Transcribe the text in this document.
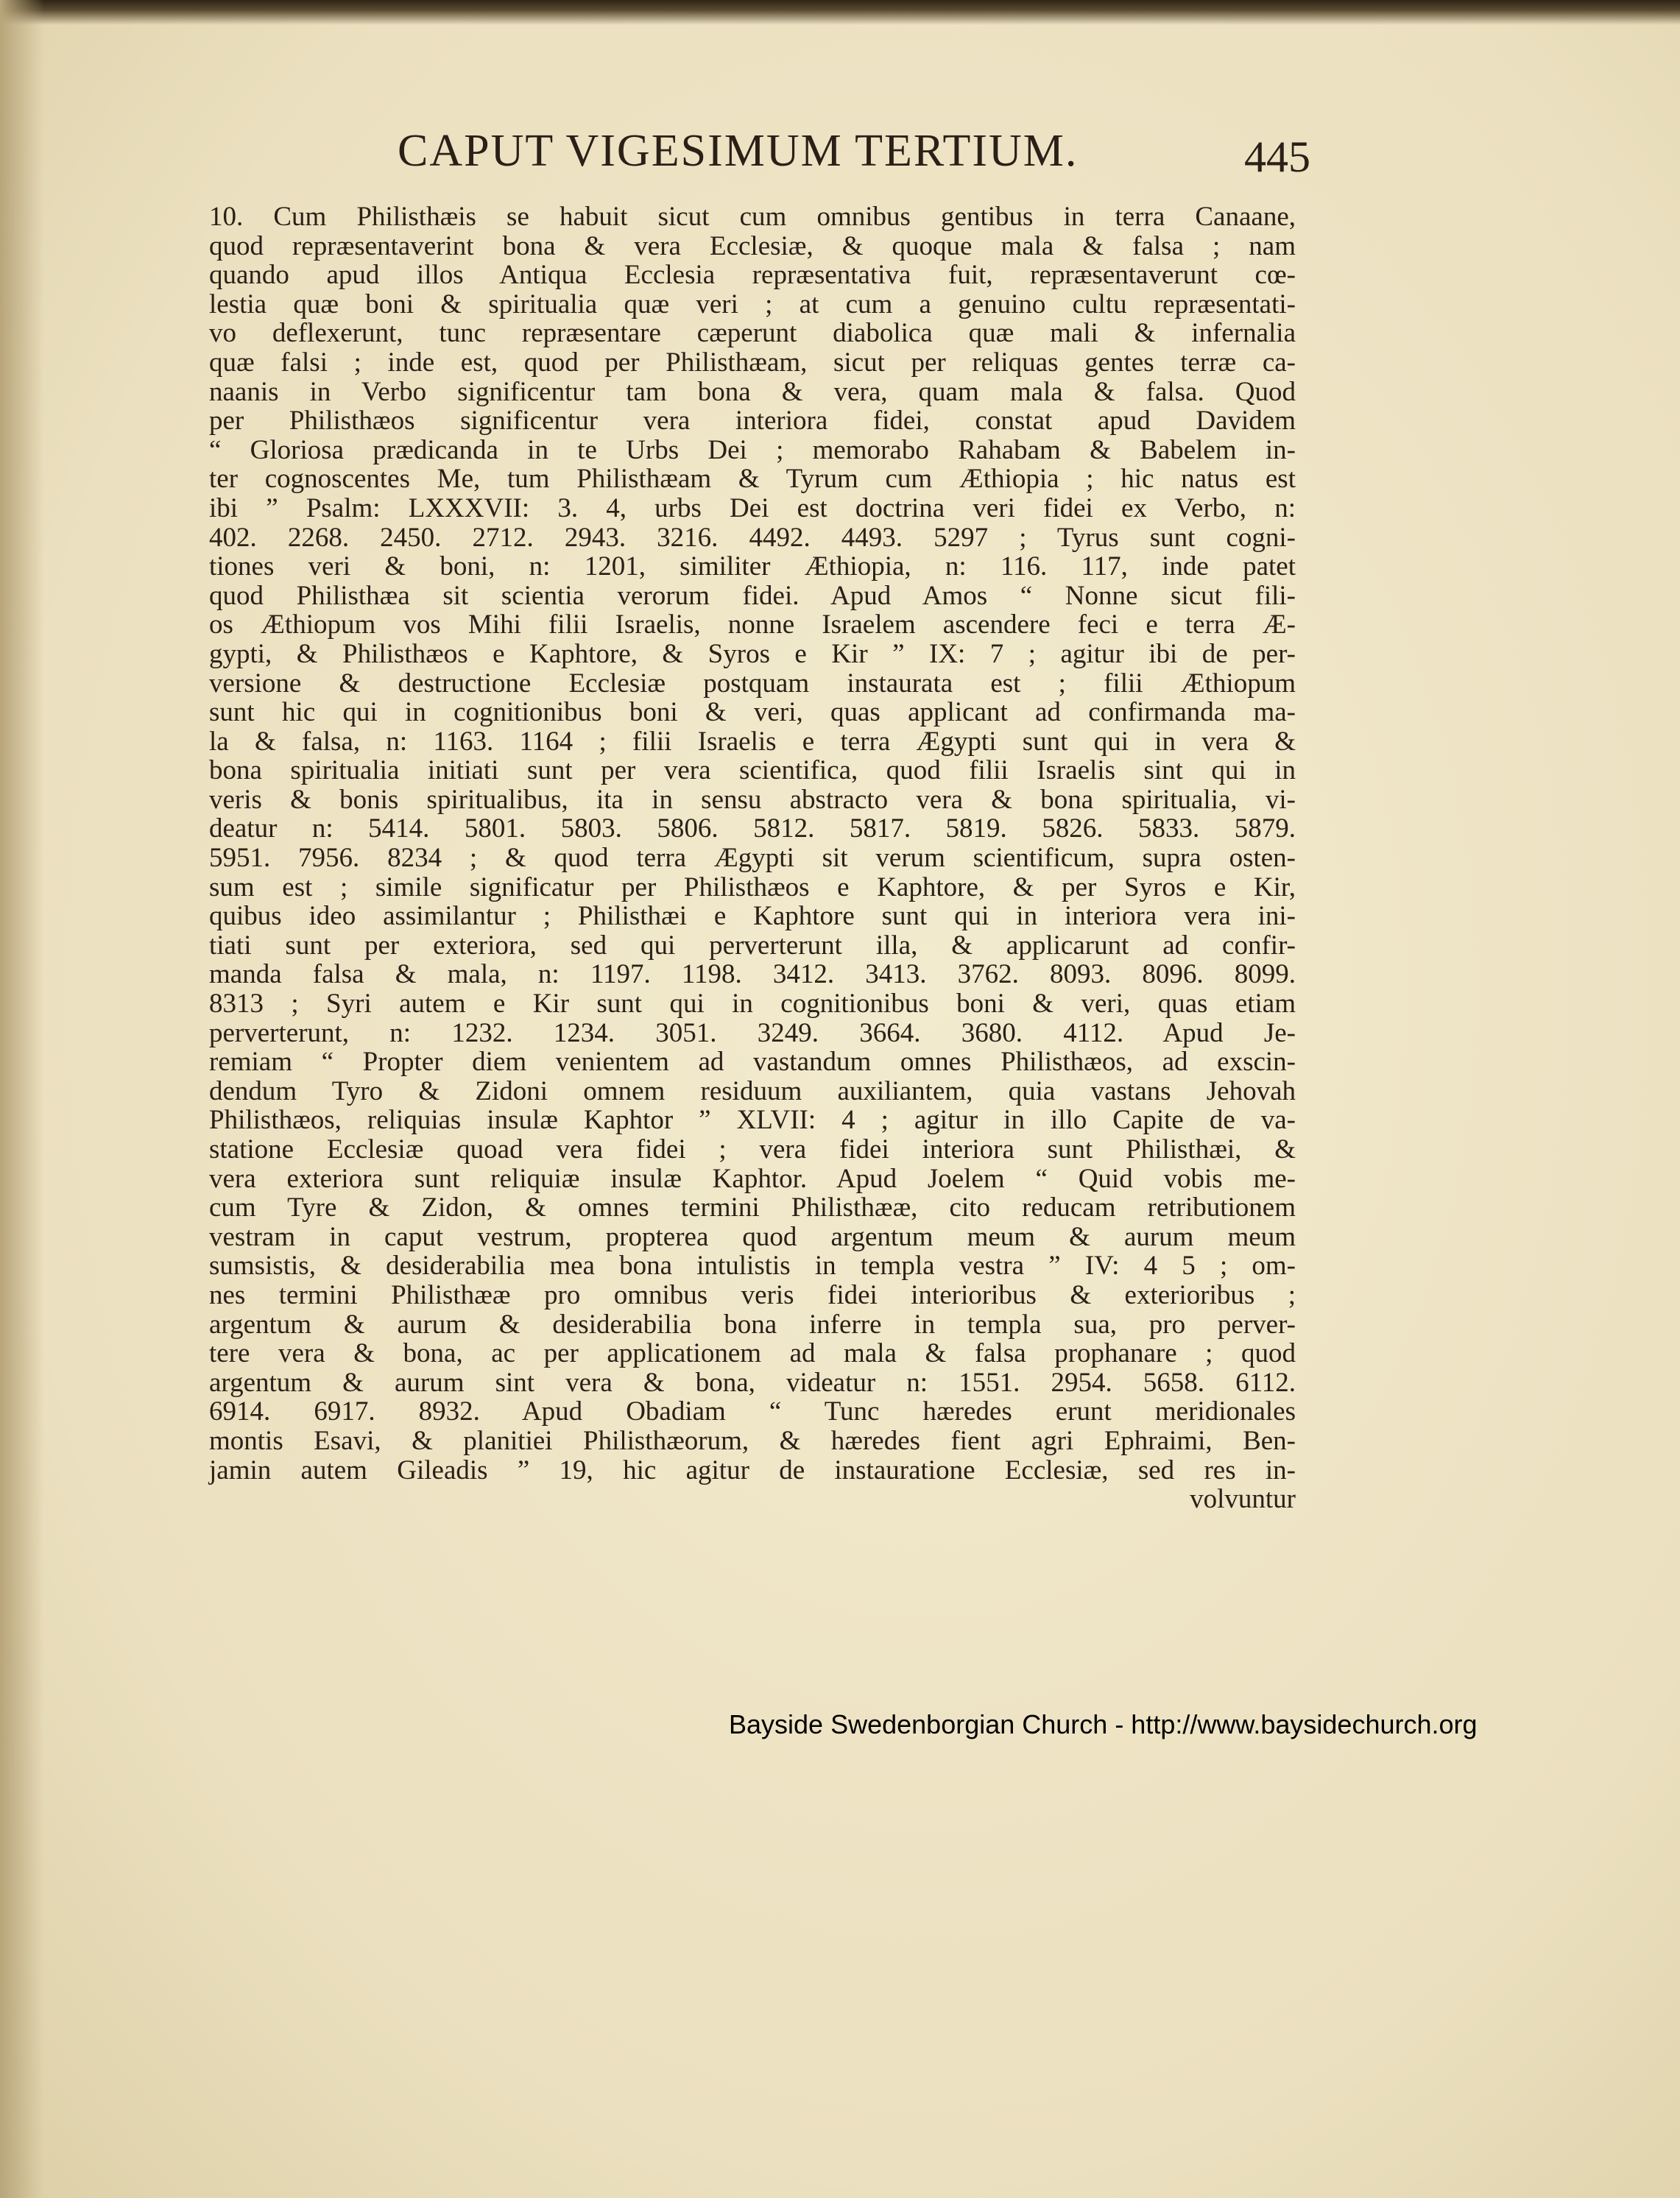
CAPUT VIGESIMUM TERTIUM.	445
10. Cum Philisthæis se habuit sicut cum omnibus gentibus in terra Canaane,
quod repræsentaverint bona & vera Ecclesiæ, & quoque mala & falsa ; nam
quando apud illos Antiqua Ecclesia repræsentativa fuit, repræsentaverunt cœ-
lestia quæ boni & spiritualia quæ veri ; at cum a genuino cultu repræsentati-
vo deflexerunt, tunc repræsentare cæperunt diabolica quæ mali & infernalia
quæ falsi ; inde est, quod per Philisthæam, sicut per reliquas gentes terræ ca-
naanis in Verbo significentur tam bona & vera, quam mala & falsa. Quod
per Philisthæos significentur vera interiora fidei, constat apud Davidem
“ Gloriosa prædicanda in te Urbs Dei ; memorabo Rahabam & Babelem in-
ter cognoscentes Me, tum Philisthæam & Tyrum cum Æthiopia ; hic natus est
ibi ” Psalm: LXXXVII: 3. 4, urbs Dei est doctrina veri fidei ex Verbo, n:
402. 2268. 2450. 2712. 2943. 3216. 4492. 4493. 5297 ; Tyrus sunt cogni-
tiones veri & boni, n: 1201, similiter Æthiopia, n: 116. 117, inde patet
quod Philisthæa sit scientia verorum fidei. Apud Amos “ Nonne sicut fili-
os Æthiopum vos Mihi filii Israelis, nonne Israelem ascendere feci e terra Æ-
gypti, & Philisthæos e Kaphtore, & Syros e Kir ” IX: 7 ; agitur ibi de per-
versione & destructione Ecclesiæ postquam instaurata est ; filii Æthiopum
sunt hic qui in cognitionibus boni & veri, quas applicant ad confirmanda ma-
la & falsa, n: 1163. 1164 ; filii Israelis e terra Ægypti sunt qui in vera &
bona spiritualia initiati sunt per vera scientifica, quod filii Israelis sint qui in
veris & bonis spiritualibus, ita in sensu abstracto vera & bona spiritualia, vi-
deatur n: 5414. 5801. 5803. 5806. 5812. 5817. 5819. 5826. 5833. 5879.
5951. 7956. 8234 ; & quod terra Ægypti sit verum scientificum, supra osten-
sum est ; simile significatur per Philisthæos e Kaphtore, & per Syros e Kir,
quibus ideo assimilantur ; Philisthæi e Kaphtore sunt qui in interiora vera ini-
tiati sunt per exteriora, sed qui perverterunt illa, & applicarunt ad confir-
manda falsa & mala, n: 1197. 1198. 3412. 3413. 3762. 8093. 8096. 8099.
8313 ; Syri autem e Kir sunt qui in cognitionibus boni & veri, quas etiam
perverterunt, n: 1232. 1234. 3051. 3249. 3664. 3680. 4112. Apud Je-
remiam “ Propter diem venientem ad vastandum omnes Philisthæos, ad exscin-
dendum Tyro & Zidoni omnem residuum auxiliantem, quia vastans Jehovah
Philisthæos, reliquias insulæ Kaphtor ” XLVII: 4 ; agitur in illo Capite de va-
statione Ecclesiæ quoad vera fidei ; vera fidei interiora sunt Philisthæi, &
vera exteriora sunt reliquiæ insulæ Kaphtor. Apud Joelem “ Quid vobis me-
cum Tyre & Zidon, & omnes termini Philisthææ, cito reducam retributionem
vestram in caput vestrum, propterea quod argentum meum & aurum meum
sumsistis, & desiderabilia mea bona intulistis in templa vestra ” IV: 4 5 ; om-
nes termini Philisthææ pro omnibus veris fidei interioribus & exterioribus ;
argentum & aurum & desiderabilia bona inferre in templa sua, pro perver-
tere vera & bona, ac per applicationem ad mala & falsa prophanare ; quod
argentum & aurum sint vera & bona, videatur n: 1551. 2954. 5658. 6112.
6914. 6917. 8932. Apud Obadiam “ Tunc hæredes erunt meridionales
montis Esavi, & planitiei Philisthæorum, & hæredes fient agri Ephraimi, Ben-
jamin autem Gileadis ” 19, hic agitur de instauratione Ecclesiæ, sed res in-
volvuntur
Bayside Swedenborgian Church - http://www.baysidechurch.org
